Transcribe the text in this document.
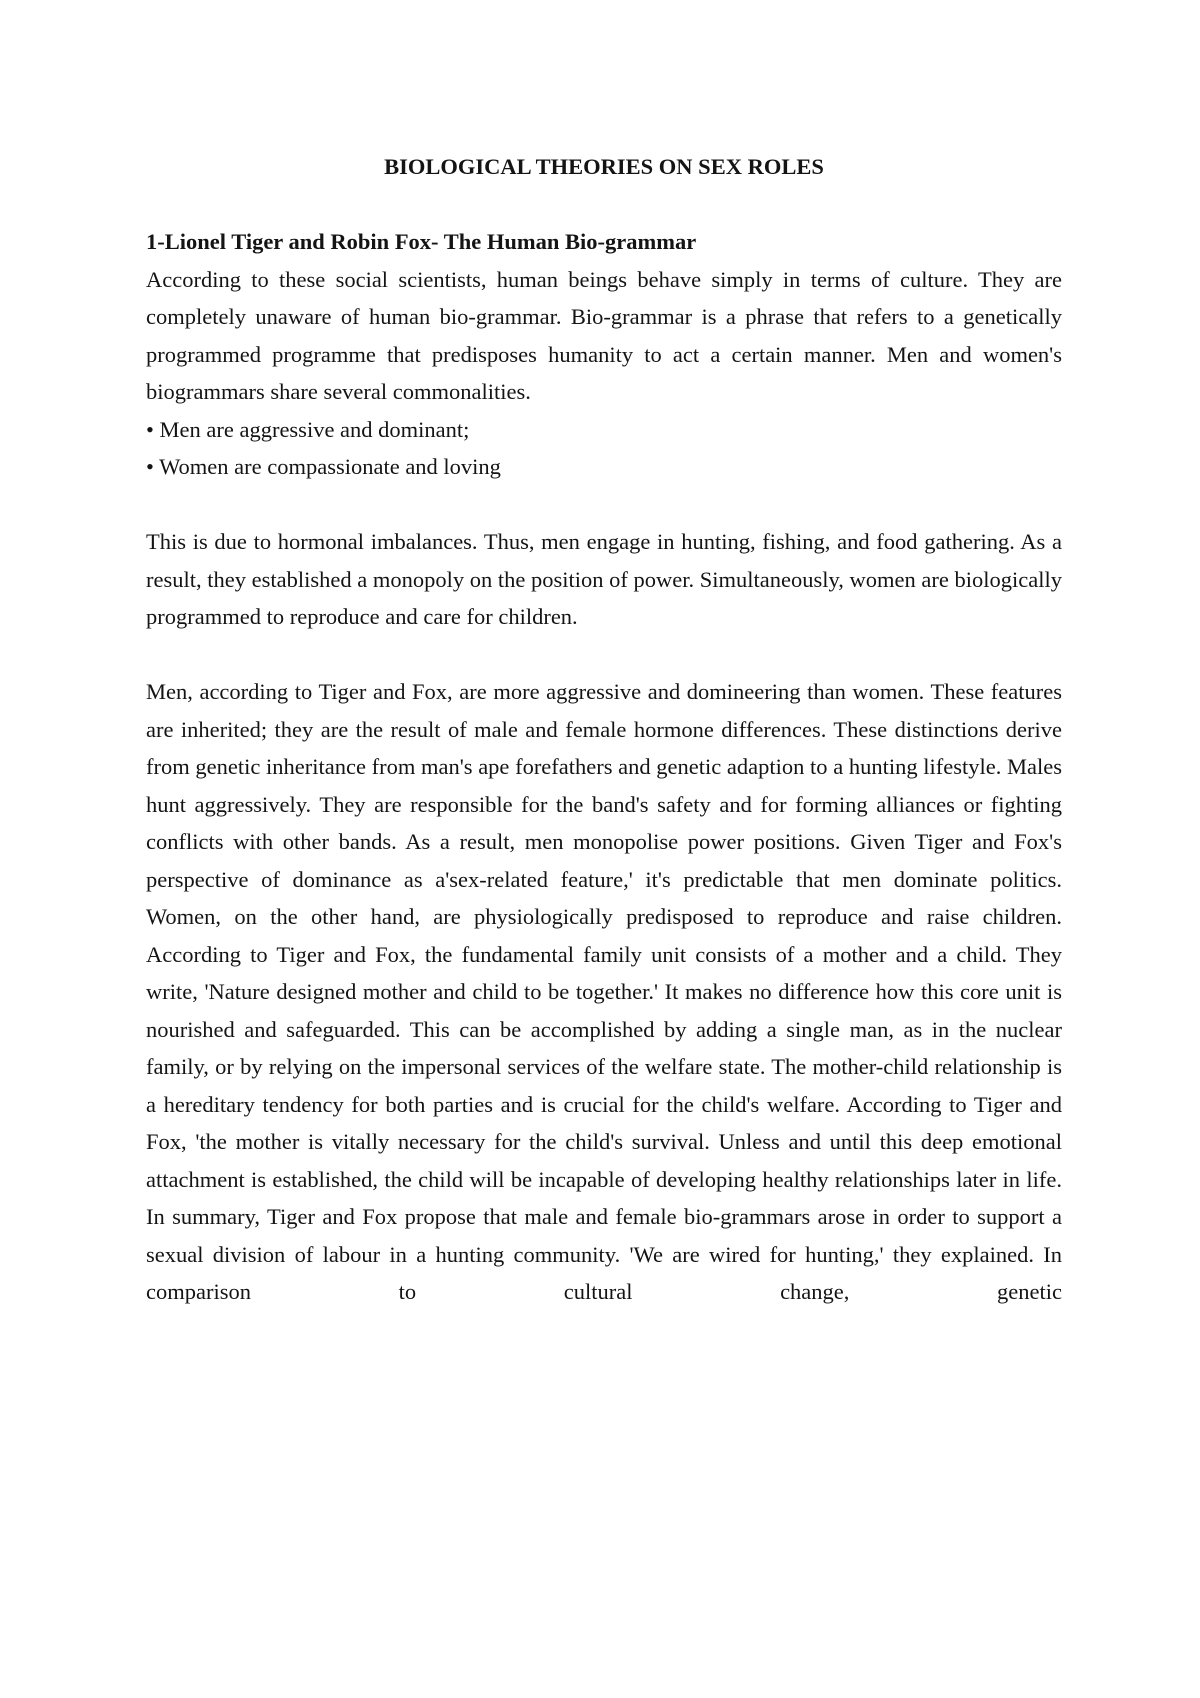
BIOLOGICAL THEORIES ON SEX ROLES

1-Lionel Tiger and Robin Fox- The Human Bio-grammar

According to these social scientists, human beings behave simply in terms of culture. They are completely unaware of human bio-grammar. Bio-grammar is a phrase that refers to a genetically programmed programme that predisposes humanity to act a certain manner. Men and women's biogrammars share several commonalities.

• Men are aggressive and dominant;
• Women are compassionate and loving

This is due to hormonal imbalances. Thus, men engage in hunting, fishing, and food gathering. As a result, they established a monopoly on the position of power. Simultaneously, women are biologically programmed to reproduce and care for children.

Men, according to Tiger and Fox, are more aggressive and domineering than women. These features are inherited; they are the result of male and female hormone differences. These distinctions derive from genetic inheritance from man's ape forefathers and genetic adaption to a hunting lifestyle. Males hunt aggressively. They are responsible for the band's safety and for forming alliances or fighting conflicts with other bands. As a result, men monopolise power positions. Given Tiger and Fox's perspective of dominance as a'sex-related feature,' it's predictable that men dominate politics. Women, on the other hand, are physiologically predisposed to reproduce and raise children. According to Tiger and Fox, the fundamental family unit consists of a mother and a child. They write, 'Nature designed mother and child to be together.' It makes no difference how this core unit is nourished and safeguarded. This can be accomplished by adding a single man, as in the nuclear family, or by relying on the impersonal services of the welfare state. The mother-child relationship is a hereditary tendency for both parties and is crucial for the child's welfare. According to Tiger and Fox, 'the mother is vitally necessary for the child's survival. Unless and until this deep emotional attachment is established, the child will be incapable of developing healthy relationships later in life. In summary, Tiger and Fox propose that male and female bio-grammars arose in order to support a sexual division of labour in a hunting community. 'We are wired for hunting,' they explained. In comparison to cultural change, genetic
